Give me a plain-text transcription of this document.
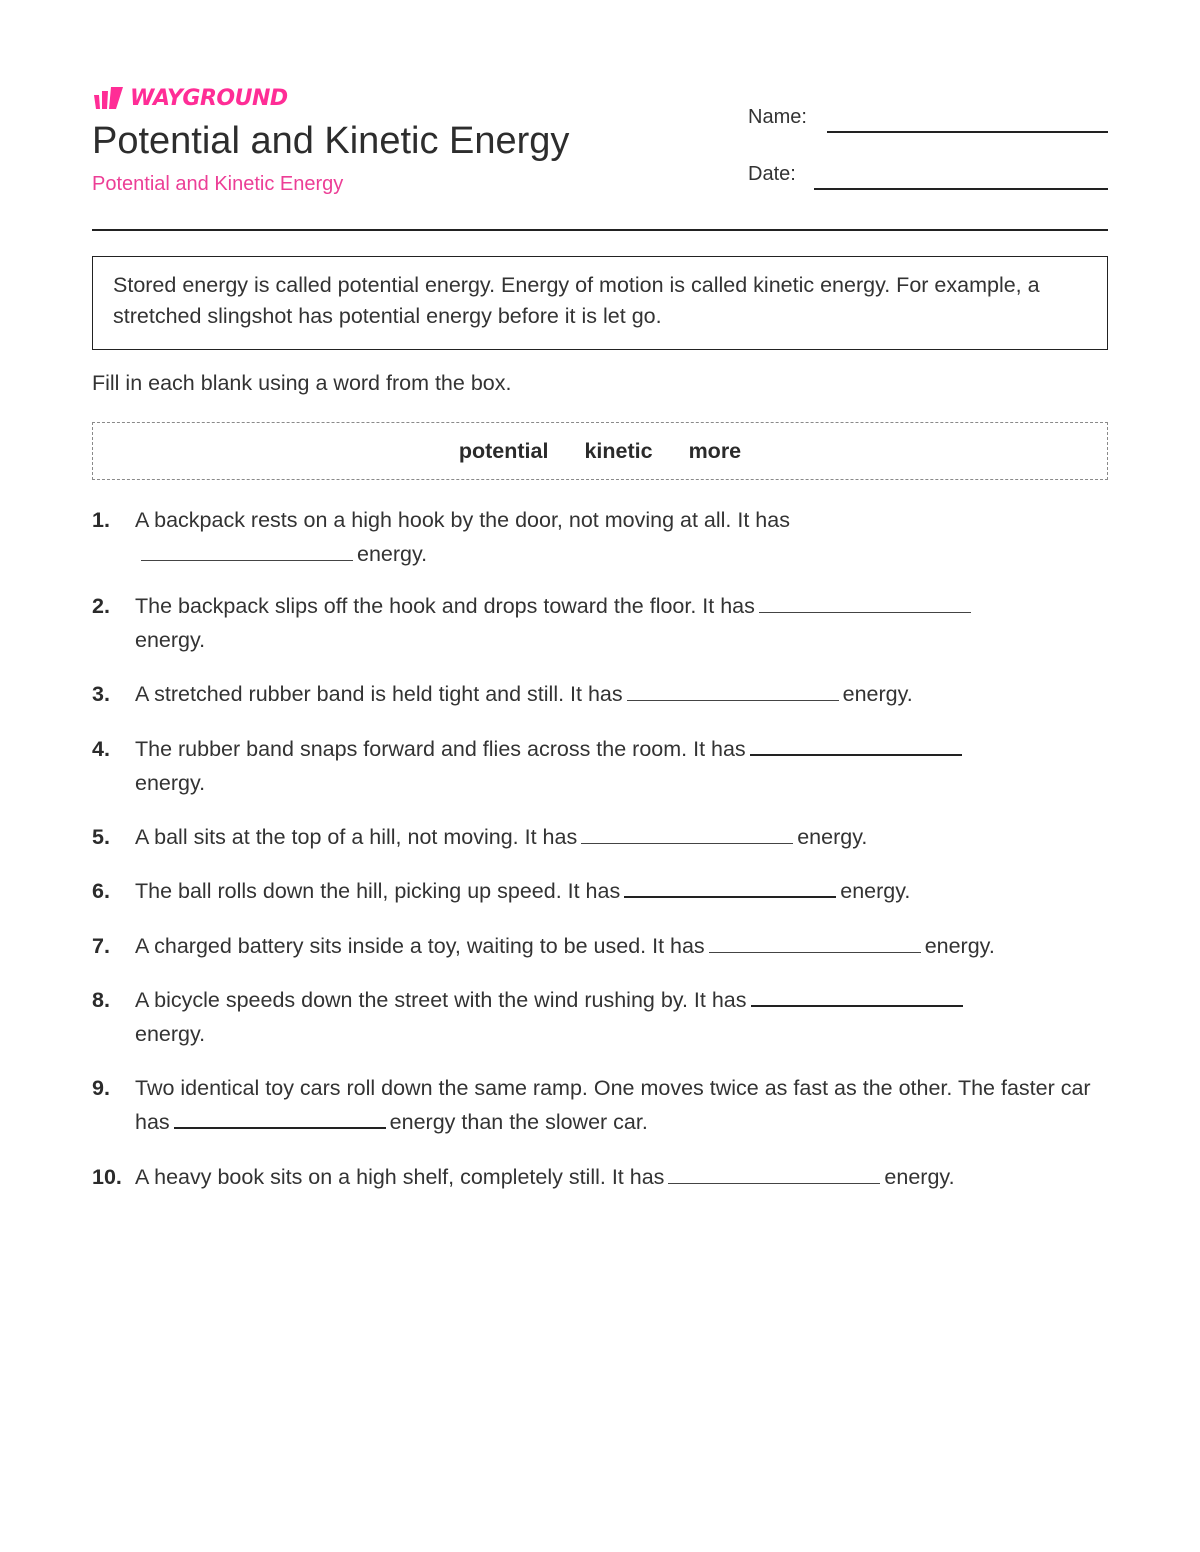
WAYGROUND
Potential and Kinetic Energy
Potential and Kinetic Energy
Name:
Date:
Stored energy is called potential energy. Energy of motion is called kinetic energy. For example, a stretched slingshot has potential energy before it is let go.
Fill in each blank using a word from the box.
potential kinetic more
1. A backpack rests on a high hook by the door, not moving at all. It has
energy.
2. The backpack slips off the hook and drops toward the floor. It has
energy.
3. A stretched rubber band is held tight and still. It has	energy.
4. The rubber band snaps forward and flies across the room. It has
energy.
5. A ball sits at the top of a hill, not moving. It has	energy.
6. The ball rolls down the hill, picking up speed. It has	energy.
7. A charged battery sits inside a toy, waiting to be used. It has	energy.
8. A bicycle speeds down the street with the wind rushing by. It has
energy.
9. Two identical toy cars roll down the same ramp. One moves twice as fast as the other. The faster car has	energy than the slower car.
10. A heavy book sits on a high shelf, completely still. It has	energy.
